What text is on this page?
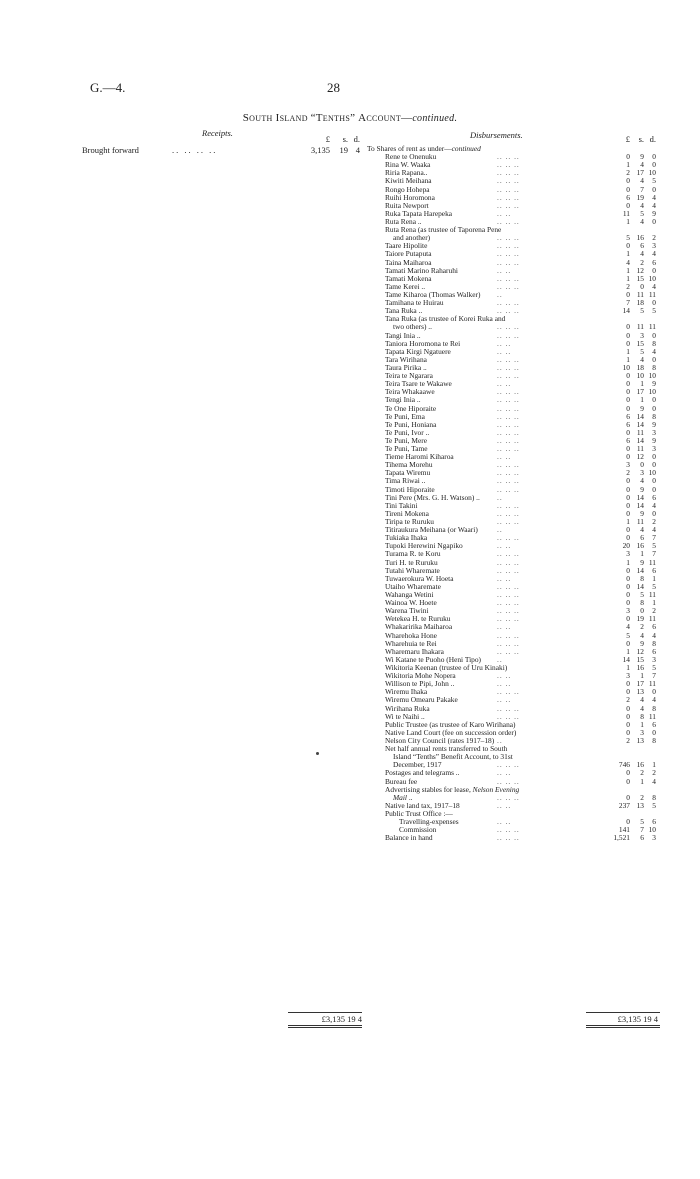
G.—4.	28
South Island “Tenths” Account—continued.
Receipts.	Disbursements.
£	s. d.	£	s. d.
Brought forward	.. .. .. ..	3,135	19 4 To Shares of rent as under—continued
Rene te Onenuku	.. .. ..	0	9	0
Rina W. Waaka	.. .. ..	1	4	0
Riria Rapana..	.. .. ..	2 17 10
Kiwiti Meihana	.. .. ..	0	4	5
Rongo Hohepa	.. .. ..	0	7	0
Ruihi Horomona	.. .. ..	6 19	4
Ruita Newport	.. .. ..	0	4	4
Ruka Tapata Harepeka	.. ..	11	5	9
Ruta Rena ..	.. .. ..	1	4	0
Ruta Rena (as trustee of Taporena Pene
and another)	.. .. ..	5 16	2
Taare Hipolite	.. .. ..	0	6	3
Taiore Putaputa	.. .. ..	1	4	4
Taina Maiharoa	.. .. ..	4	2	6
Tamati Marino Raharuhi	.. ..	1 12	0
Tamati Mokena	.. .. ..	1 15 10
Tame Kerei ..	.. .. ..	2	0	4
Tame Kiharoa (Thomas Walker) ..	0 11 11
Tamihana te Huirau	.. .. ..	7 18	0
Tana Ruka ..	.. .. ..	14	5	5
Tana Ruka (as trustee of Korei Ruka and
two others) ..	.. .. ..	0 11 11
Tangi Inia ..	.. .. ..	0	3	0
Taniora Horomona te Rei	.. ..	0 15	8
Tapata Kirgi Ngatuere	.. ..	1	5	4
Tara Wirihana	.. .. ..	1	4	0
Taura Pirika ..	.. .. ..	10 18	8
Teira te Ngarara	.. .. ..	0 10 10
Teira Tsare te Wakawe	.. ..	0	1	9
Teira Whakaawe	.. .. ..	0 17 10
Tengi Inia ..	.. .. ..	0	1	0
Te One Hiporaite	.. .. ..	0	9	0
Te Puni, Ema	.. .. ..	6 14	8
Te Puni, Honiana	.. .. ..	6 14	9
Te Puni, Ivor ..	.. .. ..	0 11	3
Te Puni, Mere	.. .. ..	6 14	9
Te Puni, Tame	.. .. ..	0 11	3
Tieme Haromi Kiharoa	.. ..	0 12	0
Tihema Morehu	.. .. ..	3	0	0
Tapata Wiremu	.. .. ..	2	3 10
Tima Riwai ..	.. .. ..	0	4	0
Timoti Hiporaite	.. .. ..	0	9	0
Tini Pere (Mrs. G. H. Watson) .. ..	0 14	6
Tini Takini	.. .. ..	0 14	4
Tireni Mokena	.. .. ..	0	9	0
Tiripa te Ruruku	.. .. ..	1 11	2
Titiraukura Meihana (or Waari)	..	0	4	4
Tukiaka Ihaka	.. .. ..	0	6	7
Tupoki Herewini Ngapiko	.. ..	20 16	5
Turama R. te Koru	.. .. ..	3	1	7
Turi H. te Ruruku	.. .. ..	1	9 11
Tutahi Wharemate	.. .. ..	0 14	6
Tuwaerokura W. Hoeta	.. ..	0	8	1
Utaiho Wharemate	.. .. ..	0 14	5
Wahanga Wetini	.. .. ..	0	5 11
Wainoa W. Hoete	.. .. ..	0	8	1
Warena Tiwini	.. .. ..	3	0	2
Wetekea H. te Ruruku	.. .. ..	0 19 11
Whakaririka Maiharoa	.. ..	4	2	6
Wharehoka Hone	.. .. ..	5	4	4
Wharehuia te Rei	.. .. ..	0	9	8
Wharemaru Ihakara	.. .. ..	1 12	6
Wi Katane te Puoho (Heni Tipo) ..	14 15	3
Wikitoria Keenan (trustee of Uru Kinaki)	1 16	5
Wikitoria Mohe Nopera	.. ..	3	1	7
Willison te Pipi, John ..	.. ..	0 17 11
Wiremu Ihaka	.. .. ..	0 13	0
Wiremu Omearu Pakake	.. ..	2	4	4
Wirihana Ruka	.. .. ..	0	4	8
Wi te Naihi ..	.. .. ..	0	8 11
Public Trustee (as trustee of Karo Wirihana)	0	1	6
Native Land Court (fee on succession order)	0	3	0
Nelson City Council (rates 1917–18) ..	2 13	8
Net half annual rents transferred to South
Island “Tenths” Benefit Account, to 31st
December, 1917	.. .. ..	746 16	1
Postages and telegrams ..	.. ..	0	2	2
Bureau fee	.. .. ..	0	1	4
Advertising stables for lease, Nelson Evening
Mail ..	.. .. ..	0	2	8
Native land tax, 1917–18	.. ..	237 13	5
Public Trust Office :—
Travelling-expenses	.. ..	0	5	6
Commission	.. .. ..	141	7 10
Balance in hand	.. .. ..	1,521	6	3
£3,135 19 4	£3,135 19 4
